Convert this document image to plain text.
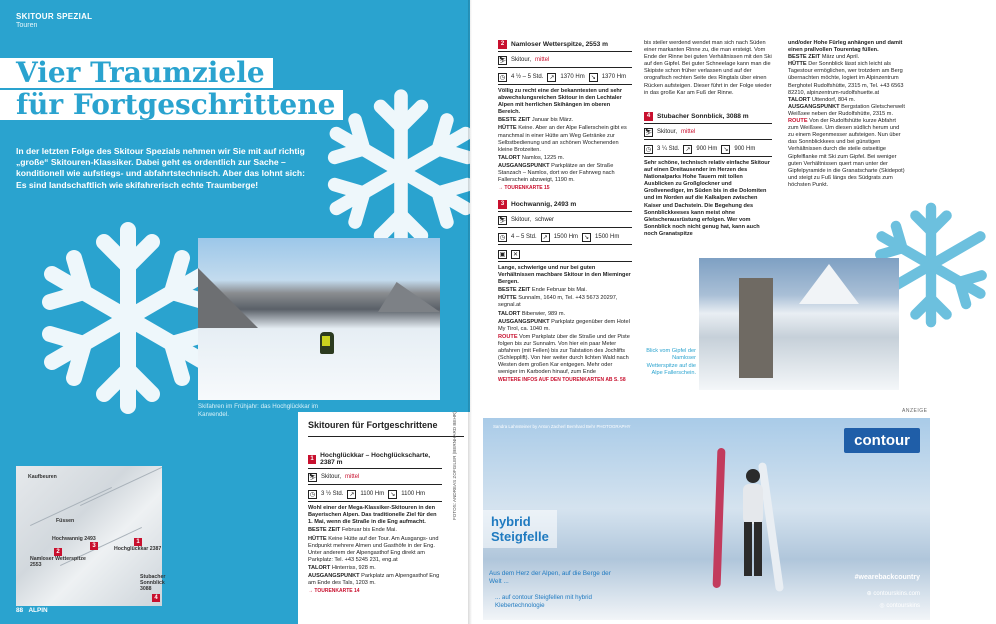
SKITOUR SPEZIAL
Touren
Vier Traumziele
für Fortgeschrittene
In der letzten Folge des Skitour Spezials nehmen wir Sie mit auf richtig „große“ Skitouren-Klassiker. Dabei geht es ordentlich zur Sache – konditionell wie aufstiegs- und abfahrtstechnisch. Aber das lohnt sich: Es sind landschaftlich wie skifahrerisch echte Traumberge!
Skifahren im Frühjahr: das Hochglückkar im Karwendel.
Kaufbeuren
Füssen
Namloser Wetterspitze 2553
Hochwannig 2493
Hochglückkar 2387
Stubacher Sonnblick 3088
1
2
3
4
Skitouren für Fortgeschrittene
1 Hochglückkar – Hochglückscharte, 2387 m
⛷ Skitour, mittel
◷ 3 ½ Std. ↗ 1100 Hm ↘ 1100 Hm

Wohl einer der Mega-Klassiker-Skitouren in den Bayerischen Alpen. Das traditionelle Ziel für den 1. Mai, wenn die Straße in die Eng aufmacht.

BESTE ZEIT Februar bis Ende Mai.

HÜTTE Keine Hütte auf der Tour. Am Ausgangs- und Endpunkt mehrere Almen und Gasthöfe in der Eng. Unter anderem der Alpengasthof Eng direkt am Parkplatz: Tel. +43 5245 231, eng.at

TALORT Hinterriss, 928 m.

AUSGANGSPUNKT Parkplatz am Alpengasthof Eng am Ende des Tals, 1203 m.

→ TOURENKARTE 14

FOTOS: ANDREAS ZOFGILER (BERNHARD BEHR)
88 ALPIN
2	Namloser Wetterspitze, 2553 m
⛷ Skitour, mittel
◷ 4 ½ – 5 Std. ↗ 1370 Hm ↘ 1370 Hm

Völlig zu recht eine der bekanntesten und sehr abwechslungsreichen Skitour in den Lechtaler Alpen mit herrlichen Skihängen im oberen Bereich.

BESTE ZEIT Januar bis März.

HÜTTE Keine. Aber an der Alpe Fallerschein gibt es manchmal in einer Hütte am Weg Getränke zur Selbstbedienung und an schönen Wochenenden kleine Brotzeiten.

TALORT Namlos, 1225 m.

AUSGANGSPUNKT Parkplätze an der Straße Stanzach – Namlos, dort wo der Fahrweg nach Fallerschein abzweigt, 1190 m.

→ TOURENKARTE 15

3	Hochwannig, 2493 m
⛷ Skitour, schwer
◷ 4 – 5 Std. ↗ 1500 Hm ↘ 1500 Hm
▣	✕

Lange, schwierige und nur bei guten Verhältnissen machbare Skitour in den Mieminger Bergen.

BESTE ZEIT Ende Februar bis Mai.

HÜTTE Sunnalm, 1640 m, Tel. +43 5673 20297, segnal.at

TALORT Biberwier, 989 m.

AUSGANGSPUNKT Parkplatz gegenüber dem Hotel My Tirol, ca. 1040 m.

ROUTE Vom Parkplatz über die Straße und der Piste folgen bis zur Sunnalm. Von hier ein paar Meter abfahren (mit Fellen) bis zur Talstation des Jochlifts (Schlepplift). Von hier weiter durch lichten Wald nach Westen dem großen Kar entgegen. Mehr oder weniger im Karboden hinauf, zum Ende

WEITERE INFOS AUF DEN TOURENKARTEN AB S. 58

bis steiler werdend wendet man sich nach Süden einer markanten Rinne zu, die man ersteigt. Vom Ende der Rinne bei guten Verhältnissen mit den Ski auf den Gipfel. Bei guter Schneelage kann man die Skipiste schon früher verlassen und auf der orografisch rechten Seite des Ringtals über einen Rücken aufsteigen. Dieser führt in der Folge wieder in das große Kar am Fuß der Rinne.
4	Stubacher Sonnblick, 3088 m
⛷ Skitour, mittel
◷ 3 ¼ Std. ↗ 900 Hm ↘ 900 Hm

Sehr schöne, technisch relativ einfache Skitour auf einen Dreitausender im Herzen des Nationalparks Hohe Tauern mit tollen Ausblicken zu Großglockner und Großvenediger, im Süden bis in die Dolomiten und im Norden auf die Kalkalpen zwischen Kaiser und Dachstein. Die Begehung des Sonnblickkeeses kann meist ohne Gletscherausrüstung erfolgen. Wer vom Sonnblick noch nicht genug hat, kann auch noch Granatspitze

und/oder Hohe Fürleg anhängen und damit einen prallvollen Tourentag füllen.

BESTE ZEIT März und April.

HÜTTE Der Sonnblick lässt sich leicht als Tagestour ermöglichen, wer trotzdem am Berg übernachten möchte, logiert im Alpinzentrum Berghotel Rudolfshütte, 2315 m, Tel. +43 6563 82210, alpinzentrum-rudolfshuette.at

TALORT Uttendorf, 804 m.

AUSGANGSPUNKT Bergstation Gletscherwelt Weißsee neben der Rudolfshütte, 2315 m.

ROUTE Von der Rudolfshütte kurze Abfahrt zum Weißsee. Um diesen südlich herum und zu einem Regenmesser aufsteigen. Nun über das Sonnblickkees und bei günstigen Verhältnissen durch die steile ostseitige Gipfelflanke mit Ski zum Gipfel. Bei weniger guten Verhältnissen quert man unter der Gipfelpyramide in die Granatscharte (Skidepot) und steigt zu Fuß längs des Südgrats zum höchsten Punkt.

Blick vom Gipfel der Namloser Wetterspitze auf die Alpe Fallerschein.
ANZEIGE
Sandra Lahnsteiner by Anton Zacherl Bernhard Behr PHOTOGRAPHY
contour
hybrid
Steigfelle
Aus dem Herz der Alpen, auf die Berge der Welt ...
... auf contour Steigfellen mit hybrid Klebertechnologie
#wearebackcountry
⊕ contourskins.com
◎ contourskins
